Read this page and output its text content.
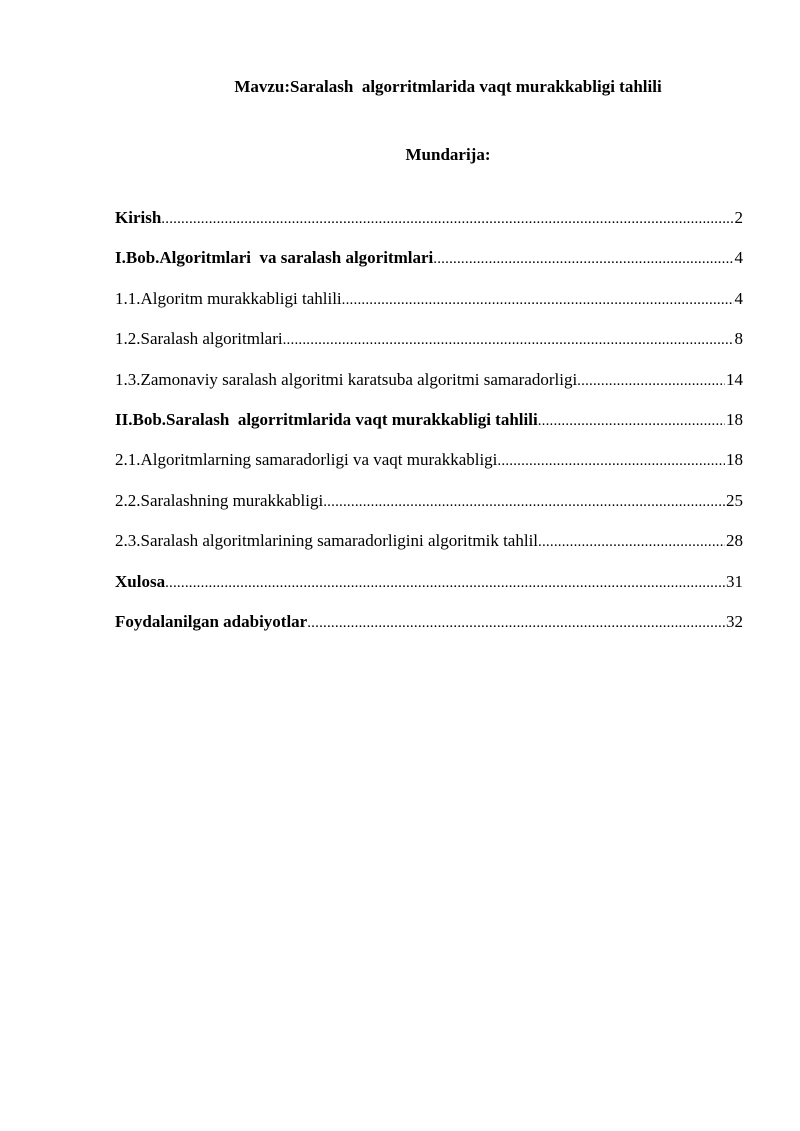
Mavzu:Saralash  algorritmlarida vaqt murakkabligi tahlili
Mundarija:
Kirish .....	2
I.Bob.Algoritmlari  va saralash algoritmlari .....	4
1.1.Algoritm murakkabligi tahlili .....	4
1.2.Saralash algoritmlari .....	8
1.3.Zamonaviy saralash algoritmi karatsuba algoritmi samaradorligi .....	14
II.Bob.Saralash  algorritmlarida vaqt murakkabligi tahlili .....	18
2.1.Algoritmlarning samaradorligi va vaqt murakkabligi .....	18
2.2.Saralashning murakkabligi .....	25
2.3.Saralash algoritmlarining samaradorligini algoritmik tahlil .....	28
Xulosa .....	31
Foydalanilgan adabiyotlar .....	32
